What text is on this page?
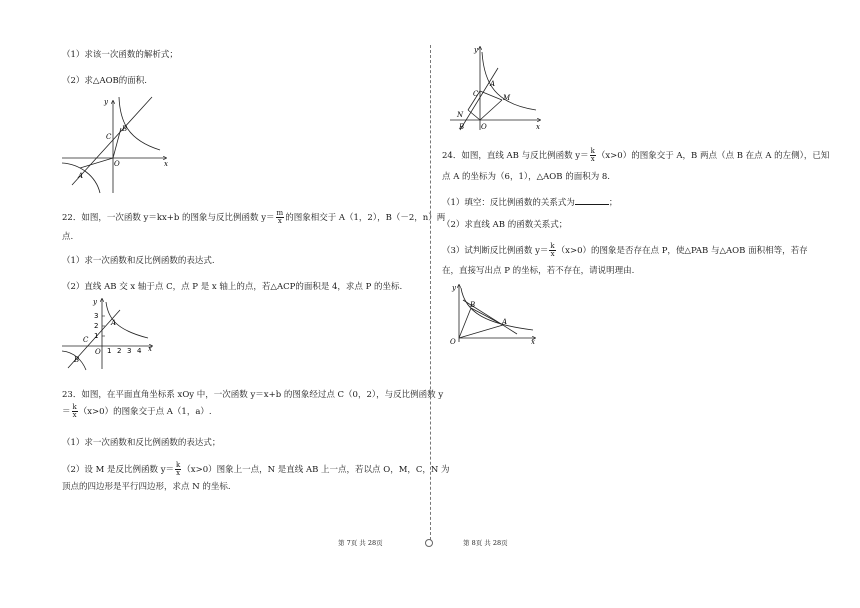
（1）求该一次函数的解析式；
（2）求△AOB的面积.
y
x
O
A
B
C
22．如图，一次函数 y＝kx+b 的图象与反比例函数 $y= \frac{m}{x}$ 的图象相交于 A（1，2），B（－2，n）两
点.
（1）求一次函数和反比例函数的表达式.
（2）直线 AB 交 x 轴于点 C，点 P 是 x 轴上的点，若△ACP的面积是 4，求点 P 的坐标.
y
x
O
A
B
C
3
2
1
1 2 3 4
23．如图，在平面直角坐标系 xOy 中，一次函数 y＝x+b 的图象经过点 C（0，2），与反比例函数 y
＝ $\frac{k}{x} (x>0)$的图象交于点 A（1，a）.
（1）求一次函数和反比例函数的表达式；
（2）设 M 是反比例函数 $y= \frac{k}{x} (x>0)$图象上一点，N 是直线 AB 上一点，若以点 O，M，C，N 为
顶点的四边形是平行四边形，求点 N 的坐标.
第 7页 共 28页
y
x
O
A
B
C	M
N
24．如图，直线 AB 与反比例函数 $y= \frac{k}{x} (x>0)$的图象交于 A，B 两点（点 B 在点 A 的左侧），已知
点 A 的坐标为（6，1），△AOB 的面积为 8.
（1）填空：反比例函数的关系式为	；
（2）求直线 AB 的函数关系式；
（3）试判断反比例函数 $y= \frac{k}{x} (x>0)$的图象是否存在点 P，使△PAB 与△AOB 面积相等，若存
在，直接写出点 P 的坐标，若不存在，请说明理由.
y
x
O
A
B
第 8页 共 28页
